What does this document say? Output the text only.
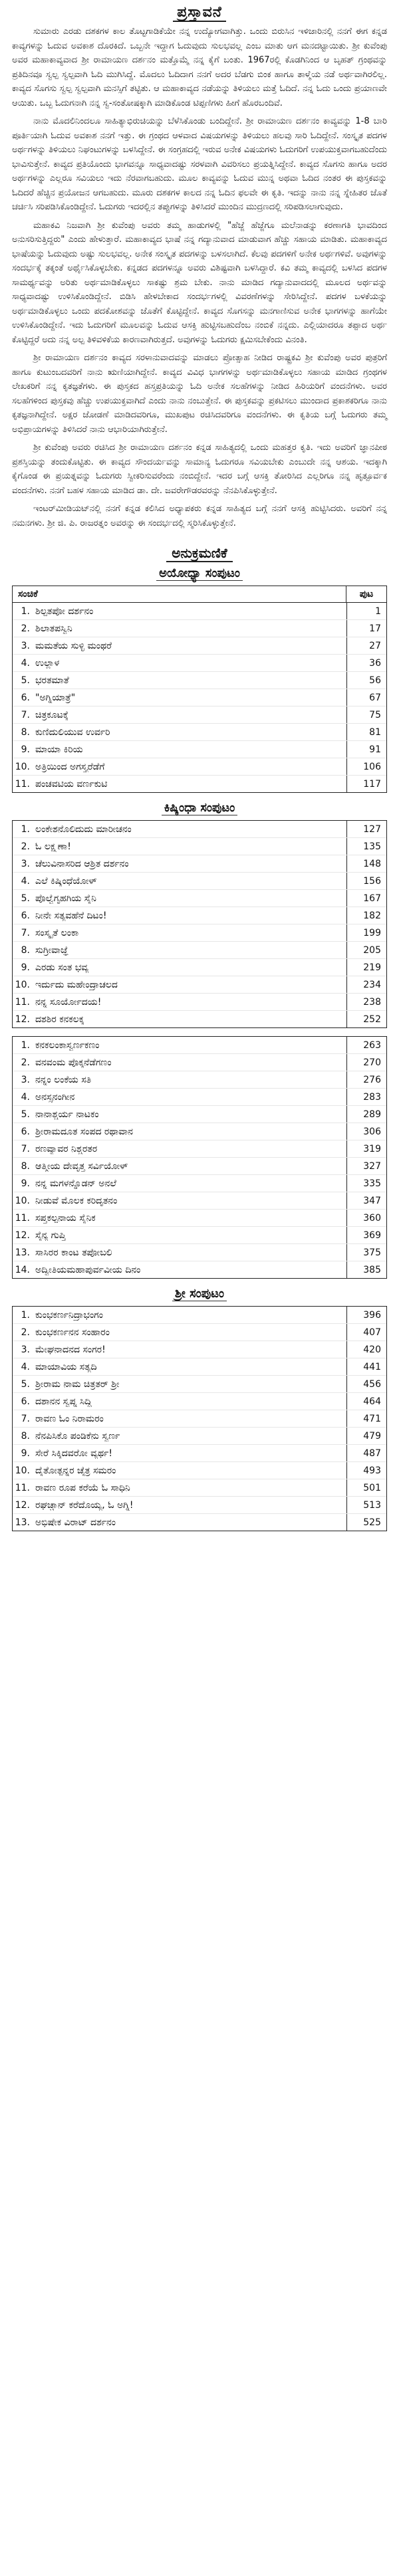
ಪ್ರಸ್ತಾವನೆ

ಸುಮಾರು ಎರಡು ದಶಕಗಳ ಕಾಲ ತೊಟ್ಟಗಾಡಿಕೆಯೇ ನನ್ನ ಉದ್ಯೋಗವಾಗಿತ್ತು. ಒಂದು ಬಿರುಸಿನ ಇಳಿಜಾರಿನಲ್ಲಿ ನನಗೆ ಈಗ ಕನ್ನಡ ಕಾವ್ಯಗಳನ್ನು ಓದುವ ಅವಕಾಶ ದೊರಕಿದೆ. ಒಬ್ಬನೇ ಇದ್ದಾಗ ಓದುವುದು ಸುಲಭವಲ್ಲ ಎಂಬ ಮಾತು ಆಗ ಮನದಟ್ಟಾಯಿತು. ಶ್ರೀ ಕುವೆಂಪು ಅವರ ಮಹಾಕಾವ್ಯವಾದ ಶ್ರೀ ರಾಮಾಯಣ ದರ್ಶನಂ ಮತ್ತೊಮ್ಮೆ ನನ್ನ ಕೈಗೆ ಬಂತು. 1967ರಲ್ಲಿ ಕೊಡಗಿನಿಂದ ಆ ಬೃಹತ್ ಗ್ರಂಥವನ್ನು ಪ್ರತಿದಿನವೂ ಸ್ವಲ್ಪ ಸ್ವಲ್ಪವಾಗಿ ಓದಿ ಮುಗಿಸಿದ್ದೆ. ಮೊದಲು ಓದಿದಾಗ ನನಗೆ ಅದರ ಬೆಡಗು ಬಿಂಕ ಹಾಗೂ ತಾಳ್ಮೆಯ ನಡೆ ಅರ್ಥವಾಗಿರಲಿಲ್ಲ. ಕಾವ್ಯದ ಸೊಗಸು ಸ್ವಲ್ಪ ಸ್ವಲ್ಪವಾಗಿ ಮನಸ್ಸಿಗೆ ತಟ್ಟಿತು. ಆ ಮಹಾಕಾವ್ಯದ ನಡೆಯನ್ನು ತಿಳಿಯಲು ಮತ್ತೆ ಓದಿದೆ. ನನ್ನ ಓದು ಒಂದು ಪ್ರಯಾಣವೇ ಆಯಿತು. ಒಬ್ಬ ಓದುಗನಾಗಿ ನನ್ನ ಸ್ವ-ಸಂತೋಷಕ್ಕಾಗಿ ಮಾಡಿಕೊಂಡ ಟಿಪ್ಪಣಿಗಳು ಹೀಗೆ ಹೊರಬಂದಿವೆ.

ನಾನು ಮೊದಲಿನಿಂದಲೂ ಸಾಹಿತ್ಯಾಭಿರುಚಿಯನ್ನು ಬೆಳೆಸಿಕೊಂಡು ಬಂದಿದ್ದೇನೆ. ಶ್ರೀ ರಾಮಾಯಣ ದರ್ಶನಂ ಕಾವ್ಯವನ್ನು 1-8 ಬಾರಿ ಪೂರ್ತಿಯಾಗಿ ಓದುವ ಅವಕಾಶ ನನಗೆ ಇತ್ತು. ಈ ಗ್ರಂಥದ ಆಳವಾದ ವಿಷಯಗಳನ್ನು ತಿಳಿಯಲು ಹಲವು ಸಾರಿ ಓದಿದ್ದೇನೆ. ಸಂಸ್ಕೃತ ಪದಗಳ ಅರ್ಥಗಳನ್ನು ತಿಳಿಯಲು ನಿಘಂಟುಗಳನ್ನು ಬಳಸಿದ್ದೇನೆ. ಈ ಸಂಗ್ರಹದಲ್ಲಿ ಇರುವ ಅನೇಕ ವಿಷಯಗಳು ಓದುಗರಿಗೆ ಉಪಯುಕ್ತವಾಗಬಹುದೆಂದು ಭಾವಿಸುತ್ತೇನೆ. ಕಾವ್ಯದ ಪ್ರತಿಯೊಂದು ಭಾಗವನ್ನೂ ಸಾಧ್ಯವಾದಷ್ಟು ಸರಳವಾಗಿ ವಿವರಿಸಲು ಪ್ರಯತ್ನಿಸಿದ್ದೇನೆ. ಕಾವ್ಯದ ಸೊಗಸು ಹಾಗೂ ಅದರ ಅರ್ಥಗಳನ್ನು ಎಲ್ಲರೂ ಸವಿಯಲು ಇದು ನೆರವಾಗಬಹುದು. ಮೂಲ ಕಾವ್ಯವನ್ನು ಓದುವ ಮುನ್ನ ಅಥವಾ ಓದಿದ ನಂತರ ಈ ಪುಸ್ತಕವನ್ನು ಓದಿದರೆ ಹೆಚ್ಚಿನ ಪ್ರಯೋಜನ ಆಗಬಹುದು. ಮೂರು ದಶಕಗಳ ಕಾಲದ ನನ್ನ ಓದಿನ ಫಲವೇ ಈ ಕೃತಿ. ಇದನ್ನು ನಾನು ನನ್ನ ಸ್ನೇಹಿತರ ಜೊತೆ ಚರ್ಚಿಸಿ ಸರಿಪಡಿಸಿಕೊಂಡಿದ್ದೇನೆ. ಓದುಗರು ಇದರಲ್ಲಿನ ತಪ್ಪುಗಳನ್ನು ತಿಳಿಸಿದರೆ ಮುಂದಿನ ಮುದ್ರಣದಲ್ಲಿ ಸರಿಪಡಿಸಲಾಗುವುದು.

ಮಹಾಕವಿ ನಿಜವಾಗಿ ಶ್ರೀ ಕುವೆಂಪು ಅವರು ತಮ್ಮ ಹಾಡುಗಳಲ್ಲಿ "ಹೆಜ್ಜೆ ಹೆಜ್ಜೆಗೂ ಮಲೆನಾಡನ್ನು ಕರಣಾಗತಿ ಭಾವದಿಂದ ಅನುಸರಿಸುತ್ತಿದ್ದರು" ಎಂದು ಹೇಳುತ್ತಾರೆ. ಮಹಾಕಾವ್ಯದ ಭಾಷೆ ನನ್ನ ಗದ್ಯಾನುವಾದ ಮಾಡುವಾಗ ಹೆಚ್ಚು ಸಹಾಯ ಮಾಡಿತು. ಮಹಾಕಾವ್ಯದ ಭಾಷೆಯನ್ನು ಓದುವುದು ಅಷ್ಟು ಸುಲಭವಲ್ಲ. ಅನೇಕ ಸಂಸ್ಕೃತ ಪದಗಳನ್ನು ಬಳಸಲಾಗಿದೆ. ಕೆಲವು ಪದಗಳಿಗೆ ಅನೇಕ ಅರ್ಥಗಳಿವೆ. ಅವುಗಳನ್ನು ಸಂದರ್ಭಕ್ಕೆ ತಕ್ಕಂತೆ ಅರ್ಥೈಸಿಕೊಳ್ಳಬೇಕು. ಕನ್ನಡದ ಪದಗಳನ್ನೂ ಅವರು ವಿಶಿಷ್ಟವಾಗಿ ಬಳಸಿದ್ದಾರೆ. ಕವಿ ತಮ್ಮ ಕಾವ್ಯದಲ್ಲಿ ಬಳಸಿದ ಪದಗಳ ಸಾಮರ್ಥ್ಯವನ್ನು ಅರಿತು ಅರ್ಥಮಾಡಿಕೊಳ್ಳಲು ಸಾಕಷ್ಟು ಶ್ರಮ ಬೇಕು. ನಾನು ಮಾಡಿದ ಗದ್ಯಾನುವಾದದಲ್ಲಿ ಮೂಲದ ಅರ್ಥವನ್ನು ಸಾಧ್ಯವಾದಷ್ಟು ಉಳಿಸಿಕೊಂಡಿದ್ದೇನೆ. ಬಿಡಿಸಿ ಹೇಳಬೇಕಾದ ಸಂದರ್ಭಗಳಲ್ಲಿ ವಿವರಣೆಗಳನ್ನು ಸೇರಿಸಿದ್ದೇನೆ. ಪದಗಳ ಬಳಕೆಯನ್ನು ಅರ್ಥಮಾಡಿಕೊಳ್ಳಲು ಒಂದು ಪದಕೋಶವನ್ನು ಜೊತೆಗೆ ಕೊಟ್ಟಿದ್ದೇನೆ. ಕಾವ್ಯದ ಸೊಗಸನ್ನು ಮನಗಾಣಿಸುವ ಅನೇಕ ಭಾಗಗಳನ್ನು ಹಾಗೆಯೇ ಉಳಿಸಿಕೊಂಡಿದ್ದೇನೆ. ಇದು ಓದುಗರಿಗೆ ಮೂಲವನ್ನು ಓದುವ ಆಸಕ್ತಿ ಹುಟ್ಟಿಸಬಹುದೆಂಬ ನಂಬಿಕೆ ನನ್ನದು. ಎಲ್ಲಿಯಾದರೂ ತಪ್ಪಾದ ಅರ್ಥ ಕೊಟ್ಟಿದ್ದರೆ ಅದು ನನ್ನ ಅಲ್ಪ ತಿಳಿವಳಿಕೆಯ ಕಾರಣವಾಗಿರುತ್ತದೆ. ಅವುಗಳನ್ನು ಓದುಗರು ಕ್ಷಮಿಸಬೇಕೆಂದು ವಿನಂತಿ.

ಶ್ರೀ ರಾಮಾಯಣ ದರ್ಶನಂ ಕಾವ್ಯದ ಸರಳಾನುವಾದವನ್ನು ಮಾಡಲು ಪ್ರೋತ್ಸಾಹ ನೀಡಿದ ರಾಷ್ಟ್ರಕವಿ ಶ್ರೀ ಕುವೆಂಪು ಅವರ ಪುತ್ರರಿಗೆ ಹಾಗೂ ಕುಟುಂಬದವರಿಗೆ ನಾನು ಋಣಿಯಾಗಿದ್ದೇನೆ. ಕಾವ್ಯದ ವಿವಿಧ ಭಾಗಗಳನ್ನು ಅರ್ಥಮಾಡಿಕೊಳ್ಳಲು ಸಹಾಯ ಮಾಡಿದ ಗ್ರಂಥಗಳ ಲೇಖಕರಿಗೆ ನನ್ನ ಕೃತಜ್ಞತೆಗಳು. ಈ ಪುಸ್ತಕದ ಹಸ್ತಪ್ರತಿಯನ್ನು ಓದಿ ಅನೇಕ ಸಲಹೆಗಳನ್ನು ನೀಡಿದ ಹಿರಿಯರಿಗೆ ವಂದನೆಗಳು. ಅವರ ಸಲಹೆಗಳಿಂದ ಪುಸ್ತಕವು ಹೆಚ್ಚು ಉಪಯುಕ್ತವಾಗಿದೆ ಎಂದು ನಾನು ನಂಬುತ್ತೇನೆ. ಈ ಪುಸ್ತಕವನ್ನು ಪ್ರಕಟಿಸಲು ಮುಂದಾದ ಪ್ರಕಾಶಕರಿಗೂ ನಾನು ಕೃತಜ್ಞನಾಗಿದ್ದೇನೆ. ಅಕ್ಷರ ಜೋಡಣೆ ಮಾಡಿದವರಿಗೂ, ಮುಖಪುಟ ರಚಿಸಿದವರಿಗೂ ವಂದನೆಗಳು. ಈ ಕೃತಿಯ ಬಗ್ಗೆ ಓದುಗರು ತಮ್ಮ ಅಭಿಪ್ರಾಯಗಳನ್ನು ತಿಳಿಸಿದರೆ ನಾನು ಆಭಾರಿಯಾಗಿರುತ್ತೇನೆ.

ಶ್ರೀ ಕುವೆಂಪು ಅವರು ರಚಿಸಿದ ಶ್ರೀ ರಾಮಾಯಣ ದರ್ಶನಂ ಕನ್ನಡ ಸಾಹಿತ್ಯದಲ್ಲಿ ಒಂದು ಮಹತ್ತರ ಕೃತಿ. ಇದು ಅವರಿಗೆ ಜ್ಞಾನಪೀಠ ಪ್ರಶಸ್ತಿಯನ್ನು ತಂದುಕೊಟ್ಟಿತು. ಈ ಕಾವ್ಯದ ಸೌಂದರ್ಯವನ್ನು ಸಾಮಾನ್ಯ ಓದುಗರೂ ಸವಿಯಬೇಕು ಎಂಬುದೇ ನನ್ನ ಆಶಯ. ಇದಕ್ಕಾಗಿ ಕೈಗೊಂಡ ಈ ಪ್ರಯತ್ನವನ್ನು ಓದುಗರು ಸ್ವೀಕರಿಸುವರೆಂದು ನಂಬಿದ್ದೇನೆ. ಇದರ ಬಗ್ಗೆ ಆಸಕ್ತಿ ತೋರಿಸಿದ ಎಲ್ಲರಿಗೂ ನನ್ನ ಹೃತ್ಪೂರ್ವಕ ವಂದನೆಗಳು. ನನಗೆ ಬಹಳ ಸಹಾಯ ಮಾಡಿದ ಡಾ. ದೇ. ಜವರೇಗೌಡರವರನ್ನು ನೆನಪಿಸಿಕೊಳ್ಳುತ್ತೇನೆ.

ಇಂಟರ್‌ಮೀಡಿಯಟ್‌ನಲ್ಲಿ ನನಗೆ ಕನ್ನಡ ಕಲಿಸಿದ ಅಧ್ಯಾಪಕರು ಕನ್ನಡ ಸಾಹಿತ್ಯದ ಬಗ್ಗೆ ನನಗೆ ಆಸಕ್ತಿ ಹುಟ್ಟಿಸಿದರು. ಅವರಿಗೆ ನನ್ನ ನಮನಗಳು. ಶ್ರೀ ಜಿ. ಪಿ. ರಾಜರತ್ನಂ ಅವರನ್ನು ಈ ಸಂದರ್ಭದಲ್ಲಿ ಸ್ಮರಿಸಿಕೊಳ್ಳುತ್ತೇನೆ.

ಅನುಕ್ರಮಣಿಕೆ
ಅಯೋಧ್ಯಾ ಸಂಪುಟಂ
ಸಂಚಿಕೆ	ಪುಟ
1. ಶಿಲ್ಪತಪೋ ದರ್ಶನಂ	1
2. ಶಿಲಾತಪಸ್ವಿನಿ	17
3. ಮಮತೆಯ ಸುಳ್ಳಿ ಮಂಥರೆ	27
4. ಉಲ್ಲಾಳ	36
5. ಭರತಮಾತೆ	56
6. "ಅಗ್ನಿಯಾತ್ರೆ"	67
7. ಚಿತ್ರಕೂಟಕ್ಕೆ	75
8. ಕುಣಿದುಲಿಯುವ ಉರ್ವರಿ	81
9. ಮಾಯಾ ಕಿರಿಯ	91
10. ಅತ್ರಿಯಿಂದ ಅಗಸ್ತ್ಯರೆಡೆಗೆ	106
11. ಪಂಚವಟಿಯ ವರ್ಣಕುಟಿ	117
ಕಿಷ್ಕಿಂಧಾ ಸಂಪುಟಂ
1. ಲಂಕೇಶನೊಲಿದುದು ಮಾರೀಚನಂ	127
2. ಓ ಲಕ್ಷ್ಮಣಾ!	135
3. ಚೆಲುವಿನಾಸರಿದ ಆಶ್ರಿತ ದರ್ಶನಂ	148
4. ಎಲೆ ಕಿಷ್ಕಿಂಧೆಯೋಳ್	156
5. ಪೊಲ್ವೆಗೃಹಗಿಯ ಸೈನಿ	167
6. ನೀನೇ ಸತ್ಯವಹೆನೆ ದಿಟಂ!	182
7. ಸಂಸ್ಕೃತೆ ಲಂಕಾ	199
8. ಸುಗ್ರೀವಾಜ್ಞೆ	205
9. ಎರಡು ಸಂತ ಭವ್ಯ	219
10. ಇರ್ದುದು ಮಹೇಂದ್ರಾಚಲದ	234
11. ನನ್ನ ಸೂರ್ಯೋದಯ!	238
12. ದಶಶಿರ ಕನಕಲಕ್ಕ	252
1. ಕನಕಲಂಕಾಸ್ವರ್ಣಕಣಂ	263
2. ವನವಂಮ ಪೊಕ್ಕನೆಡೆಗಣಂ	270
3. ನನ್ನಂ ಲಂಕೆಯ ಸತಿ	276
4. ಅನಸ್ಸನಂಗೀನ	283
5. ನಾನಾಶ್ಚರ್ಯ ನಾಟಕಂ	289
6. ಶ್ರೀರಾಮದೂತ ಸಂಪದ ರಥಾವಾನ	306
7. ರಣವ್ಯಾವರ ನಿಶ್ಚರತರ	319
8. ಆತ್ಮೀಯ ದೇವೃತ್ತ ಸರ್ವಿಯೋಳ್	327
9. ನನ್ನ ಮಗಳನ್ನೊಡನ್ ಅನಲೆ	335
10. ನೀಡುವೆ ಮೊಲಕ ಕರಿದೃತನಂ	347
11. ಸಪ್ತಕಲ್ಪನಾಯ ಸೈನಿಕ	360
12. ಸೈನ್ಯ ಗುಪ್ತಿ	369
13. ಸಾಸಿರರ ಕಾಂಟ ತಪೋಬಲಿ	375
14. ಅದ್ವೀತಿಯಮಹಾಪುರ್ವವೀಯ ದಿನಂ	385
ಶ್ರೀ ಸಂಪುಟಂ
1. ಕುಂಭಕರ್ಣನಿದ್ರಾಭಂಗಂ	396
2. ಕುಂಭಕರ್ಣನನ ಸಂಹಾರಂ	407
3. ಮೇಘನಾದನದ ಸಂಗರ!	420
4. ಮಾಯಾವಿಯ ಸತ್ಯದಿ	441
5. ಶ್ರೀರಾಮ ನಾಮ ಚಿತ್ರತರ್ ಶ್ರೀ	456
6. ದಶಾನನ ಸ್ವಪ್ನ ಸಿದ್ಧಿ	464
7. ರಾವಣ ಓಂ ನಿರಾಮರಂ	471
8. ನೆನಪಿಸಿಕೊ ಪಂಡಿಕೆನು ಸ್ವರ್ಣ	479
9. ಸೇರೆ ಸಿಕ್ಕಿದವರೋ ವ್ಯರ್ಥ!	487
10. ದೈತೋತ್ಪನ್ನರ ಚೈತ್ರ ಸಮರಂ	493
11. ರಾವಣ ರೂಪ ಕರೆಯೆ ಓ ಸಾಧಿನಿ	501
12. ರಘಚ್ಚಾನ್ ಕರೆದೊಯ್ಯ, ಓ ಅಗ್ನಿ!	513
13. ಅಭಿಷೇಕ ವಿರಾಟ್ ದರ್ಶನಂ	525
